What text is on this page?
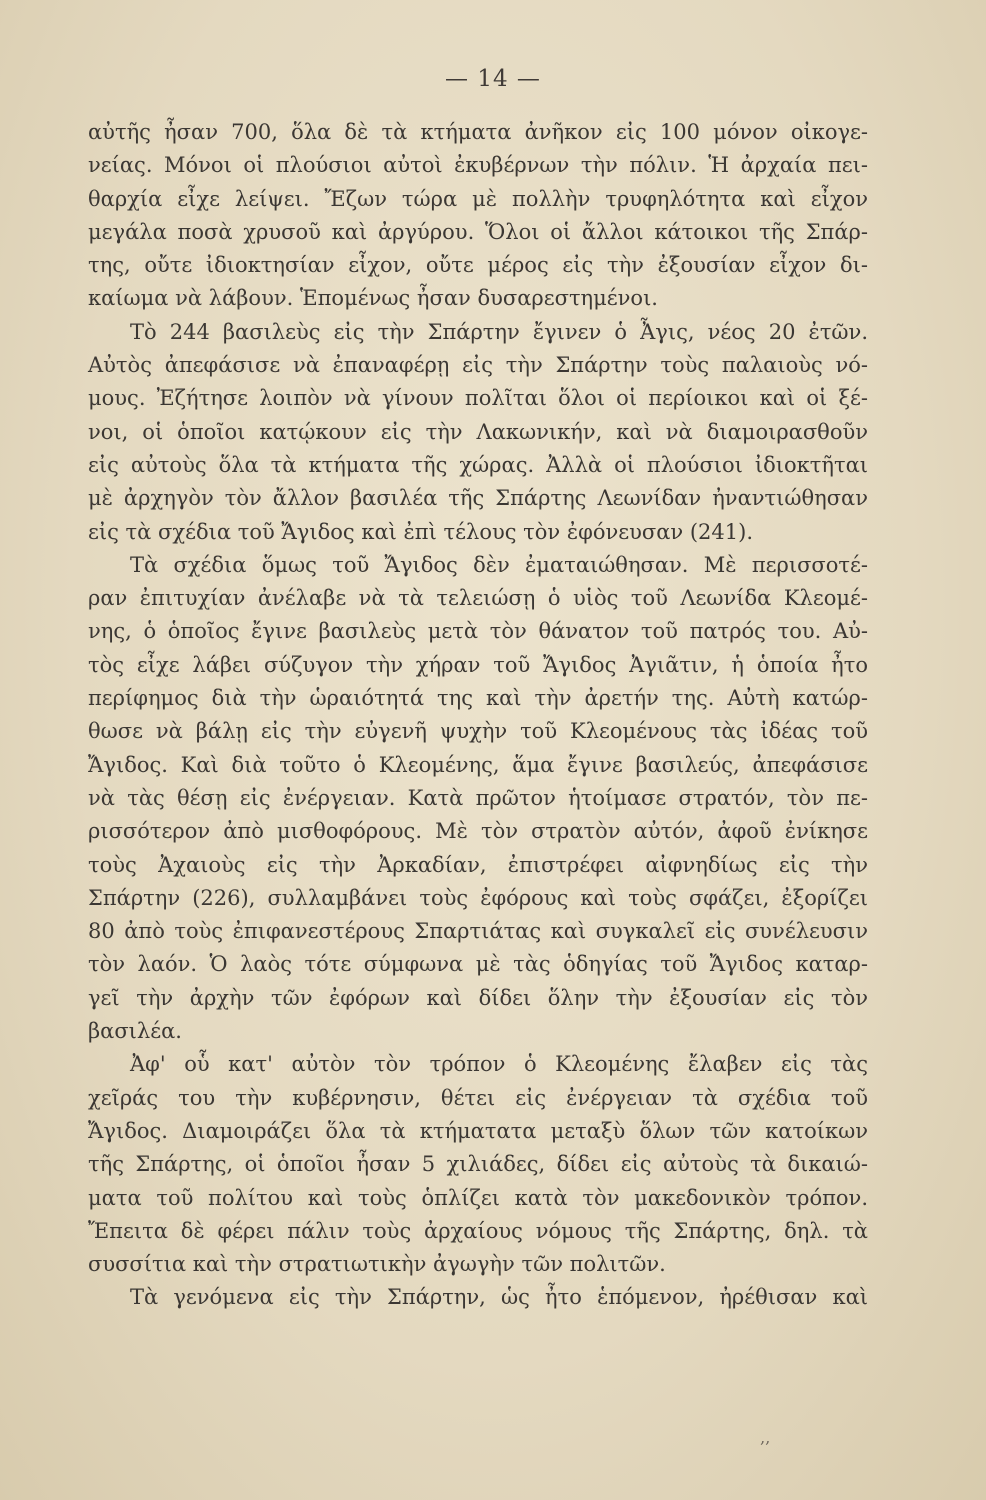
— 14 —
αὐτῆς ἦσαν 700, ὅλα δὲ τὰ κτήματα ἀνῆκον εἰς 100 μόνον οἰκογε-
νείας. Μόνοι οἱ πλούσιοι αὐτοὶ ἐκυβέρνων τὴν πόλιν. Ἡ ἀρχαία πει-
θαρχία εἶχε λείψει. Ἔζων τώρα μὲ πολλὴν τρυφηλότητα καὶ εἶχον
μεγάλα ποσὰ χρυσοῦ καὶ ἀργύρου. Ὅλοι οἱ ἄλλοι κάτοικοι τῆς Σπάρ-
της, οὔτε ἰδιοκτησίαν εἶχον, οὔτε μέρος εἰς τὴν ἐξουσίαν εἶχον δι-
καίωμα νὰ λάβουν. Ἑπομένως ἦσαν δυσαρεστημένοι.
Τὸ 244 βασιλεὺς εἰς τὴν Σπάρτην ἔγινεν ὁ Ἆγις, νέος 20 ἐτῶν.
Αὐτὸς ἀπεφάσισε νὰ ἐπαναφέρῃ εἰς τὴν Σπάρτην τοὺς παλαιοὺς νό-
μους. Ἐζήτησε λοιπὸν νὰ γίνουν πολῖται ὅλοι οἱ περίοικοι καὶ οἱ ξέ-
νοι, οἱ ὁποῖοι κατῴκουν εἰς τὴν Λακωνικήν, καὶ νὰ διαμοιρασθοῦν
εἰς αὐτοὺς ὅλα τὰ κτήματα τῆς χώρας. Ἀλλὰ οἱ πλούσιοι ἰδιοκτῆται
μὲ ἀρχηγὸν τὸν ἄλλον βασιλέα τῆς Σπάρτης Λεωνίδαν ἠναντιώθησαν
εἰς τὰ σχέδια τοῦ Ἄγιδος καὶ ἐπὶ τέλους τὸν ἐφόνευσαν (241).
Τὰ σχέδια ὅμως τοῦ Ἄγιδος δὲν ἐματαιώθησαν. Μὲ περισσοτέ-
ραν ἐπιτυχίαν ἀνέλαβε νὰ τὰ τελειώσῃ ὁ υἱὸς τοῦ Λεωνίδα Κλεομέ-
νης, ὁ ὁποῖος ἔγινε βασιλεὺς μετὰ τὸν θάνατον τοῦ πατρός του. Αὐ-
τὸς εἶχε λάβει σύζυγον τὴν χήραν τοῦ Ἄγιδος Ἀγιᾶτιν, ἡ ὁποία ἦτο
περίφημος διὰ τὴν ὡραιότητά της καὶ τὴν ἀρετήν της. Αὐτὴ κατώρ-
θωσε νὰ βάλῃ εἰς τὴν εὐγενῆ ψυχὴν τοῦ Κλεομένους τὰς ἰδέας τοῦ
Ἄγιδος. Καὶ διὰ τοῦτο ὁ Κλεομένης, ἅμα ἔγινε βασιλεύς, ἀπεφάσισε
νὰ τὰς θέσῃ εἰς ἐνέργειαν. Κατὰ πρῶτον ἡτοίμασε στρατόν, τὸν πε-
ρισσότερον ἀπὸ μισθοφόρους. Μὲ τὸν στρατὸν αὐτόν, ἀφοῦ ἐνίκησε
τοὺς Ἀχαιοὺς εἰς τὴν Ἀρκαδίαν, ἐπιστρέφει αἰφνηδίως εἰς τὴν
Σπάρτην (226), συλλαμβάνει τοὺς ἐφόρους καὶ τοὺς σφάζει, ἐξορίζει
80 ἀπὸ τοὺς ἐπιφανεστέρους Σπαρτιάτας καὶ συγκαλεῖ εἰς συνέλευσιν
τὸν λαόν. Ὁ λαὸς τότε σύμφωνα μὲ τὰς ὁδηγίας τοῦ Ἄγιδος καταρ-
γεῖ τὴν ἀρχὴν τῶν ἐφόρων καὶ δίδει ὅλην τὴν ἐξουσίαν εἰς τὸν
βασιλέα.
Ἀφ' οὗ κατ' αὐτὸν τὸν τρόπον ὁ Κλεομένης ἔλαβεν εἰς τὰς
χεῖράς του τὴν κυβέρνησιν, θέτει εἰς ἐνέργειαν τὰ σχέδια τοῦ
Ἄγιδος. Διαμοιράζει ὅλα τὰ κτήματατα μεταξὺ ὅλων τῶν κατοίκων
τῆς Σπάρτης, οἱ ὁποῖοι ἦσαν 5 χιλιάδες, δίδει εἰς αὐτοὺς τὰ δικαιώ-
ματα τοῦ πολίτου καὶ τοὺς ὁπλίζει κατὰ τὸν μακεδονικὸν τρόπον.
Ἔπειτα δὲ φέρει πάλιν τοὺς ἀρχαίους νόμους τῆς Σπάρτης, δηλ. τὰ
συσσίτια καὶ τὴν στρατιωτικὴν ἀγωγὴν τῶν πολιτῶν.
Τὰ γενόμενα εἰς τὴν Σπάρτην, ὡς ἦτο ἑπόμενον, ἠρέθισαν καὶ
‚‚
